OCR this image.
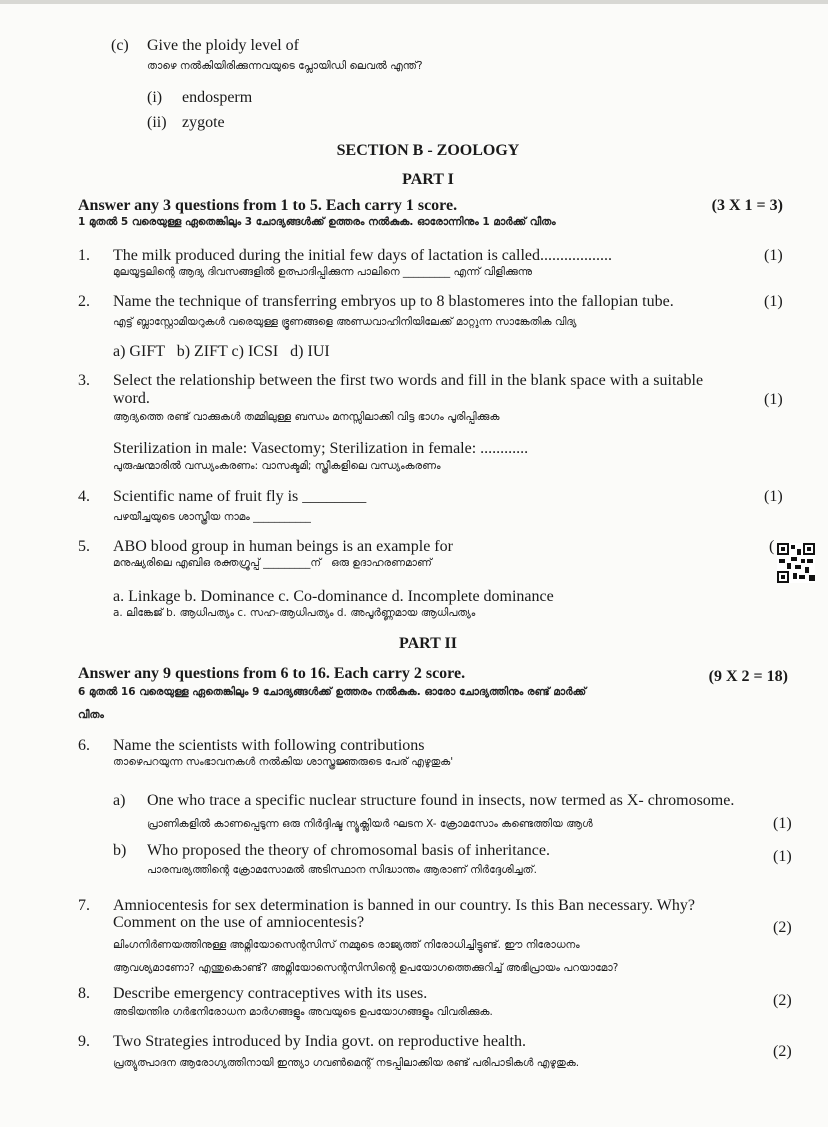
(c) Give the ploidy level of
താഴെ നൽകിയിരിക്കുന്നവയുടെ പ്ലോയിഡി ലെവൽ എന്ത്?
(i) endosperm
(ii) zygote
SECTION B - ZOOLOGY
PART I
Answer any 3 questions from 1 to 5. Each carry 1 score.	(3 X 1 = 3)
1 മുതൽ 5 വരെയുള്ള ഏതെങ്കിലും 3 ചോദ്യങ്ങൾക്ക് ഉത്തരം നൽകുക. ഓരോന്നിനും 1 മാർക്ക് വീതം
1. The milk produced during the initial few days of lactation is called..................	(1)
മുലയൂട്ടലിന്റെ ആദ്യ ദിവസങ്ങളിൽ ഉത്പാദിപ്പിക്കുന്ന പാലിനെ _________ എന്ന് വിളിക്കുന്നു
2. Name the technique of transferring embryos up to 8 blastomeres into the fallopian tube.	(1)
എട്ട് ബ്ലാസ്റ്റോമിയറുകൾ വരെയുള്ള ഭ്രൂണങ്ങളെ അണ്ഡവാഹിനിയിലേക്ക് മാറ്റുന്ന സാങ്കേതിക വിദ്യ
a) GIFT   b) ZIFT c) ICSI   d) IUI
3. Select the relationship between the first two words and fill in the blank space with a suitable
word.	(1)
ആദ്യത്തെ രണ്ട് വാക്കുകൾ തമ്മിലുള്ള ബന്ധം മനസ്സിലാക്കി വിട്ട ഭാഗം പൂരിപ്പിക്കുക
Sterilization in male: Vasectomy; Sterilization in female: ............
പുരുഷന്മാരിൽ വന്ധ്യംകരണം: വാസക്ടമി; സ്ത്രീകളിലെ വന്ധ്യംകരണം
4. Scientific name of fruit fly is ________	(1)
പഴയീച്ചയുടെ ശാസ്ത്രീയ നാമം ___________
5. ABO blood group in human beings is an example for	(
മനുഷ്യരിലെ എബിഒ രക്തഗ്രൂപ്പ് _________ന്   ഒരു ഉദാഹരണമാണ്
a. Linkage b. Dominance c. Co-dominance d. Incomplete dominance
a. ലിങ്കേജ് b. ആധിപത്യം c. സഹ-ആധിപത്യം d. അപൂർണ്ണമായ ആധിപത്യം
PART II
Answer any 9 questions from 6 to 16. Each carry 2 score.	(9 X 2 = 18)
6 മുതൽ 16 വരെയുള്ള ഏതെങ്കിലും 9 ചോദ്യങ്ങൾക്ക് ഉത്തരം നൽകുക. ഓരോ ചോദ്യത്തിനും രണ്ട് മാർക്ക്
വീതം
6. Name the scientists with following contributions
താഴെപറയുന്ന സംഭാവനകൾ നൽകിയ ശാസ്ത്രജ്ഞരുടെ പേര് എഴുതുക'
a) One who trace a specific nuclear structure found in insects, now termed as X- chromosome.
പ്രാണികളിൽ കാണപ്പെടുന്ന ഒരു നിർദ്ദിഷ്ട ന്യൂക്ലിയർ ഘടന X- ക്രോമസോം കണ്ടെത്തിയ ആൾ	(1)
b) Who proposed the theory of chromosomal basis of inheritance.
പാരമ്പര്യത്തിന്റെ ക്രോമസോമൽ അടിസ്ഥാന സിദ്ധാന്തം ആരാണ് നിർദ്ദേശിച്ചത്.
(1)
7. Amniocentesis for sex determination is banned in our country. Is this Ban necessary. Why?
Comment on the use of amniocentesis?	(2)
ലിംഗനിർണയത്തിനുള്ള അമ്നിയോസെന്റസിസ് നമ്മുടെ രാജ്യത്ത് നിരോധിച്ചിട്ടുണ്ട്. ഈ നിരോധനം
ആവശ്യമാണോ? എന്തുകൊണ്ട്? അമ്നിയോസെന്റസിസിന്റെ ഉപയോഗത്തെക്കുറിച്ച് അഭിപ്രായം പറയാമോ?
8. Describe emergency contraceptives with its uses.	(2)
അടിയന്തിര ഗർഭനിരോധന മാർഗങ്ങളും അവയുടെ ഉപയോഗങ്ങളും വിവരിക്കുക.
9. Two Strategies introduced by India govt. on reproductive health.
(2)
പ്രത്യുത്പാദന ആരോഗ്യത്തിനായി ഇന്ത്യാ ഗവൺമെന്റ് നടപ്പിലാക്കിയ രണ്ട് പരിപാടികൾ എഴുതുക.
